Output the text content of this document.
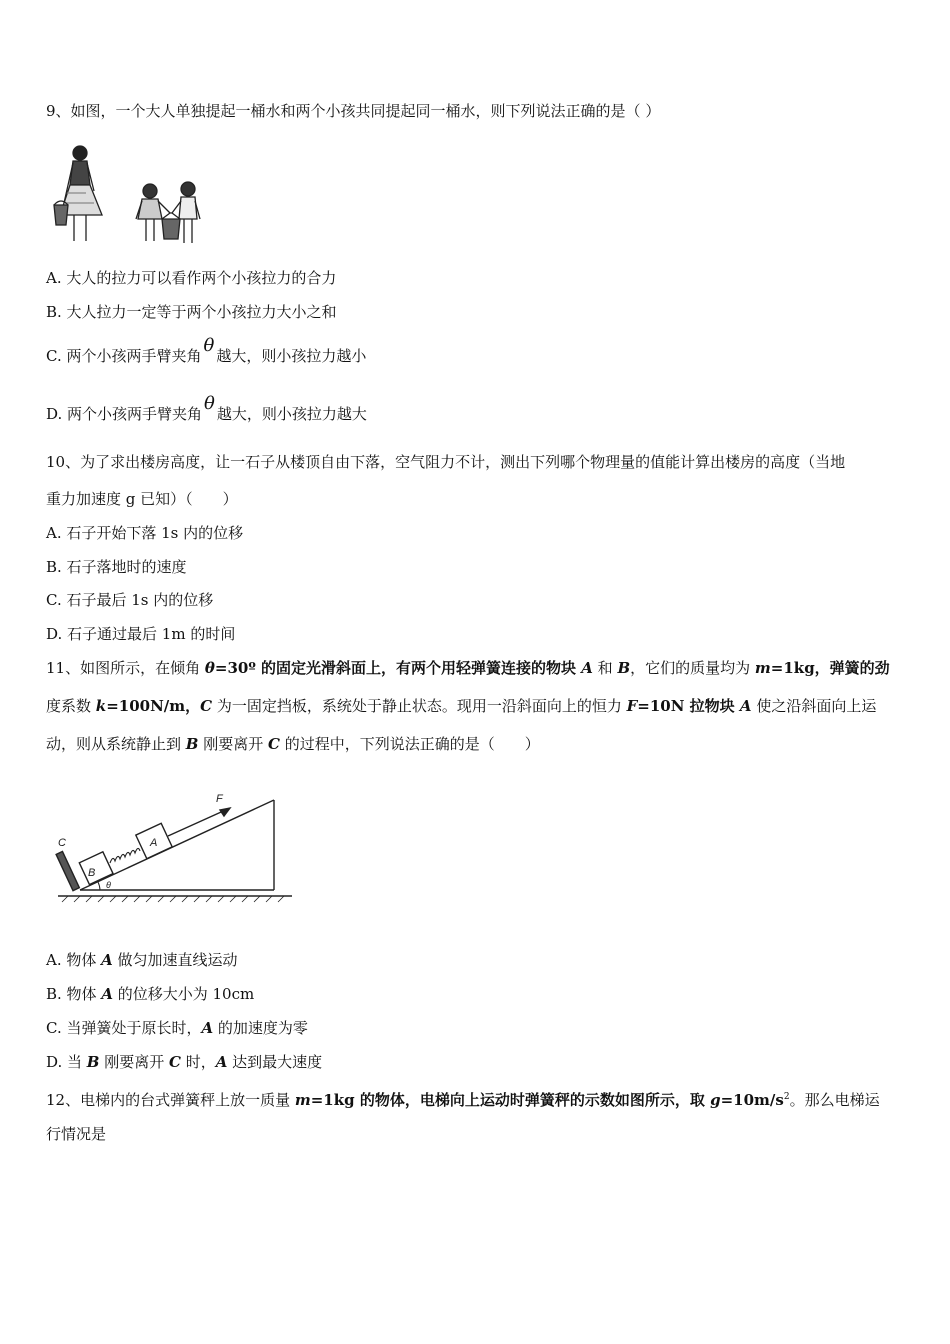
9、如图，一个大人单独提起一桶水和两个小孩共同提起同一桶水，则下列说法正确的是（ ）
A. 大人的拉力可以看作两个小孩拉力的合力
B. 大人拉力一定等于两个小孩拉力大小之和
C. 两个小孩两手臂夹角 θ 越大，则小孩拉力越小
D. 两个小孩两手臂夹角 θ 越大，则小孩拉力越大
10、为了求出楼房高度，让一石子从楼顶自由下落，空气阻力不计，测出下列哪个物理量的值能计算出楼房的高度（当地
重力加速度 g 已知）（　　）
A. 石子开始下落 1s 内的位移
B. 石子落地时的速度
C. 石子最后 1s 内的位移
D. 石子通过最后 1m 的时间
11、如图所示，在倾角 θ=30º 的固定光滑斜面上，有两个用轻弹簧连接的物块 A 和 B，它们的质量均为 m=1kg，弹簧的劲
度系数 k=100N/m，C 为一固定挡板，系统处于静止状态。现用一沿斜面向上的恒力 F=10N 拉物块 A 使之沿斜面向上运
动，则从系统静止到 B 刚要离开 C 的过程中，下列说法正确的是（　　）
F
A
B
C
θ
A. 物体 A 做匀加速直线运动
B. 物体 A 的位移大小为 10cm
C. 当弹簧处于原长时，A 的加速度为零
D. 当 B 刚要离开 C 时，A 达到最大速度
12、电梯内的台式弹簧秤上放一质量 m=1kg 的物体，电梯向上运动时弹簧秤的示数如图所示，取 $g=10m/s^2$。那么电梯运
行情况是
